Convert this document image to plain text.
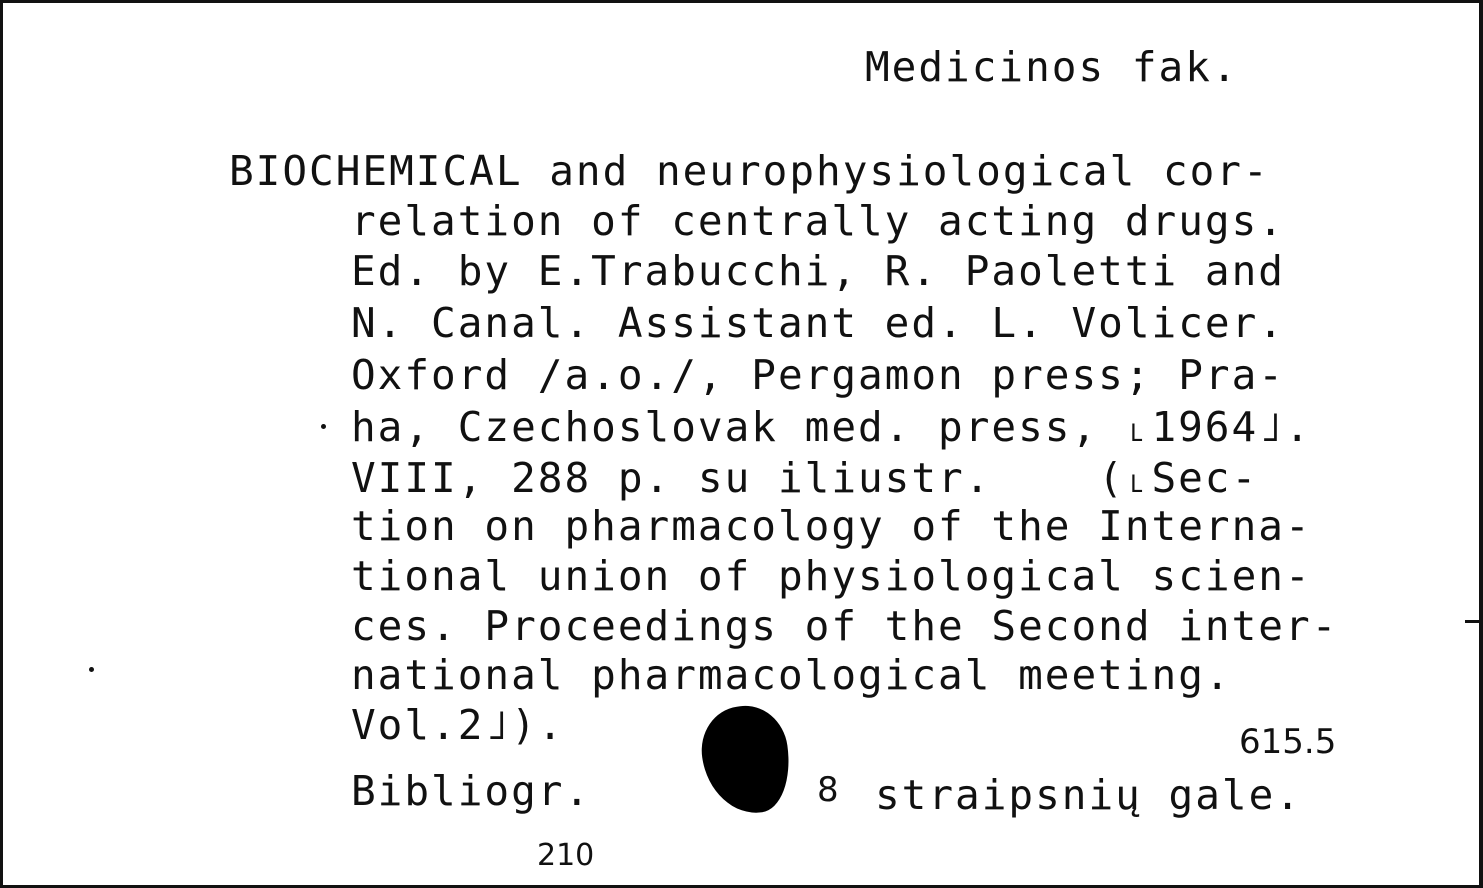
Medicinos fak.
BIOCHEMICAL and neurophysiological cor-
relation of centrally acting drugs.
Ed. by E.Trabucchi, R. Paoletti and
N. Canal. Assistant ed. L. Volicer.
Oxford /a.o./, Pergamon press; Pra-
ha, Czechoslovak med. press, ˪1964˩.
VIII, 288 p. su iliustr.    (˪Sec-
tion on pharmacology of the Interna-
tional union of physiological scien-
ces. Proceedings of the Second inter-
national pharmacological meeting.
Vol.2˩).
Bibliogr.	8 straipsnių gale.
615.5
210
